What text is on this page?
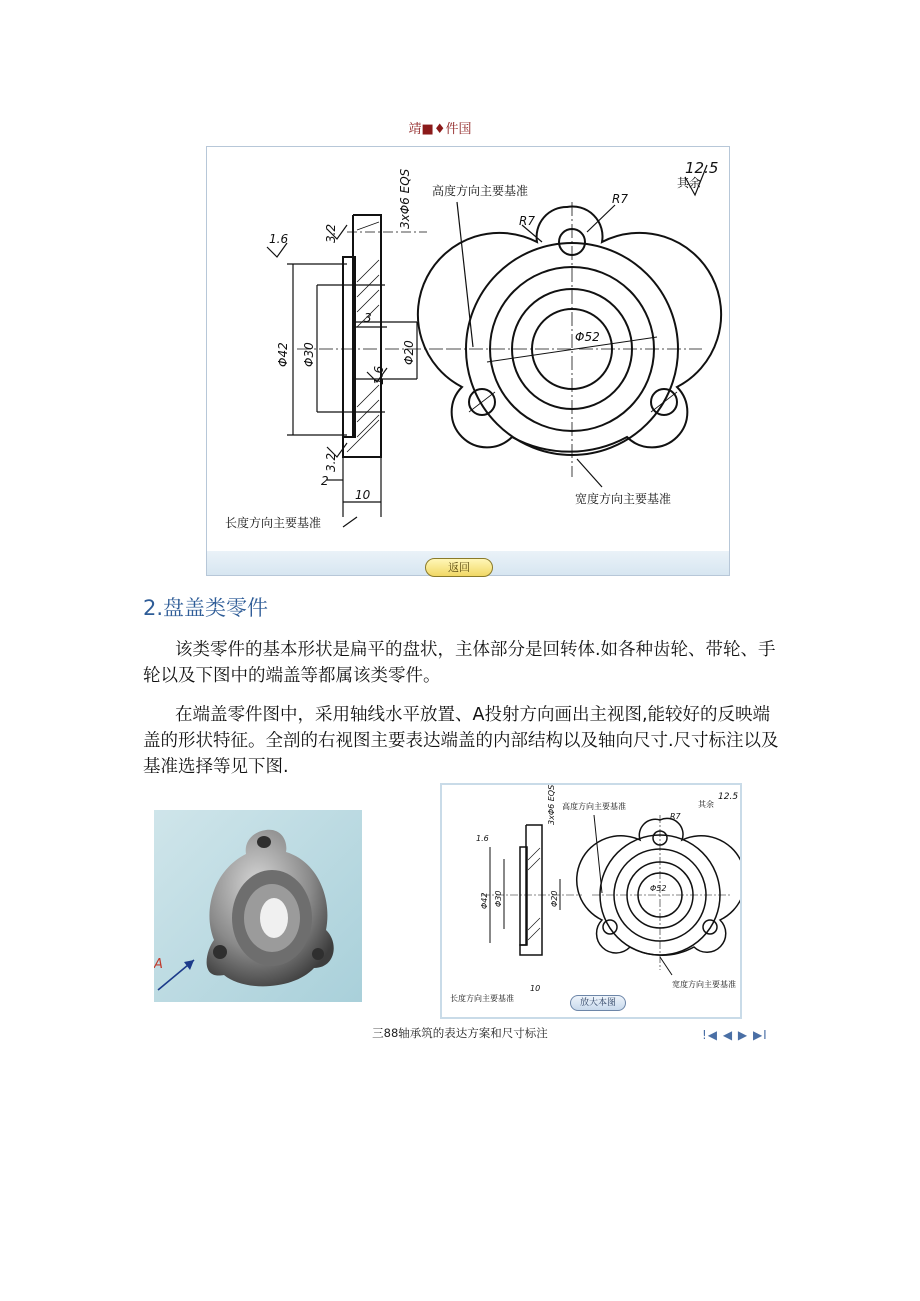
靖■♦件国
其余
12.5
高度方向主要基准
宽度方向主要基准
长度方向主要基准
R7
R7
Φ52
3
2
10
1.6
Φ42 Φ30	Φ20
1.6
3.2
3.2
3xΦ6 EQS
返回
2.盘盖类零件
该类零件的基本形状是扁平的盘状，主体部分是回转体.如各种齿轮、带轮、手轮以及下图中的端盖等都属该类零件。
在端盖零件图中，采用轴线水平放置、A投射方向画出主视图,能较好的反映端盖的形状特征。全剖的右视图主要表达端盖的内部结构以及轴向尺寸.尺寸标注以及基准选择等见下图.
A
高度方向主要基准
宽度方向主要基准
长度方向主要基准
其余
12.5
R7
Φ52
10
1.6
Φ42 Φ30	Φ20
3xΦ6 EQS
放大本图
三88轴承筑的表达方案和尺寸标注	!◀ ◀ ▶ ▶I
